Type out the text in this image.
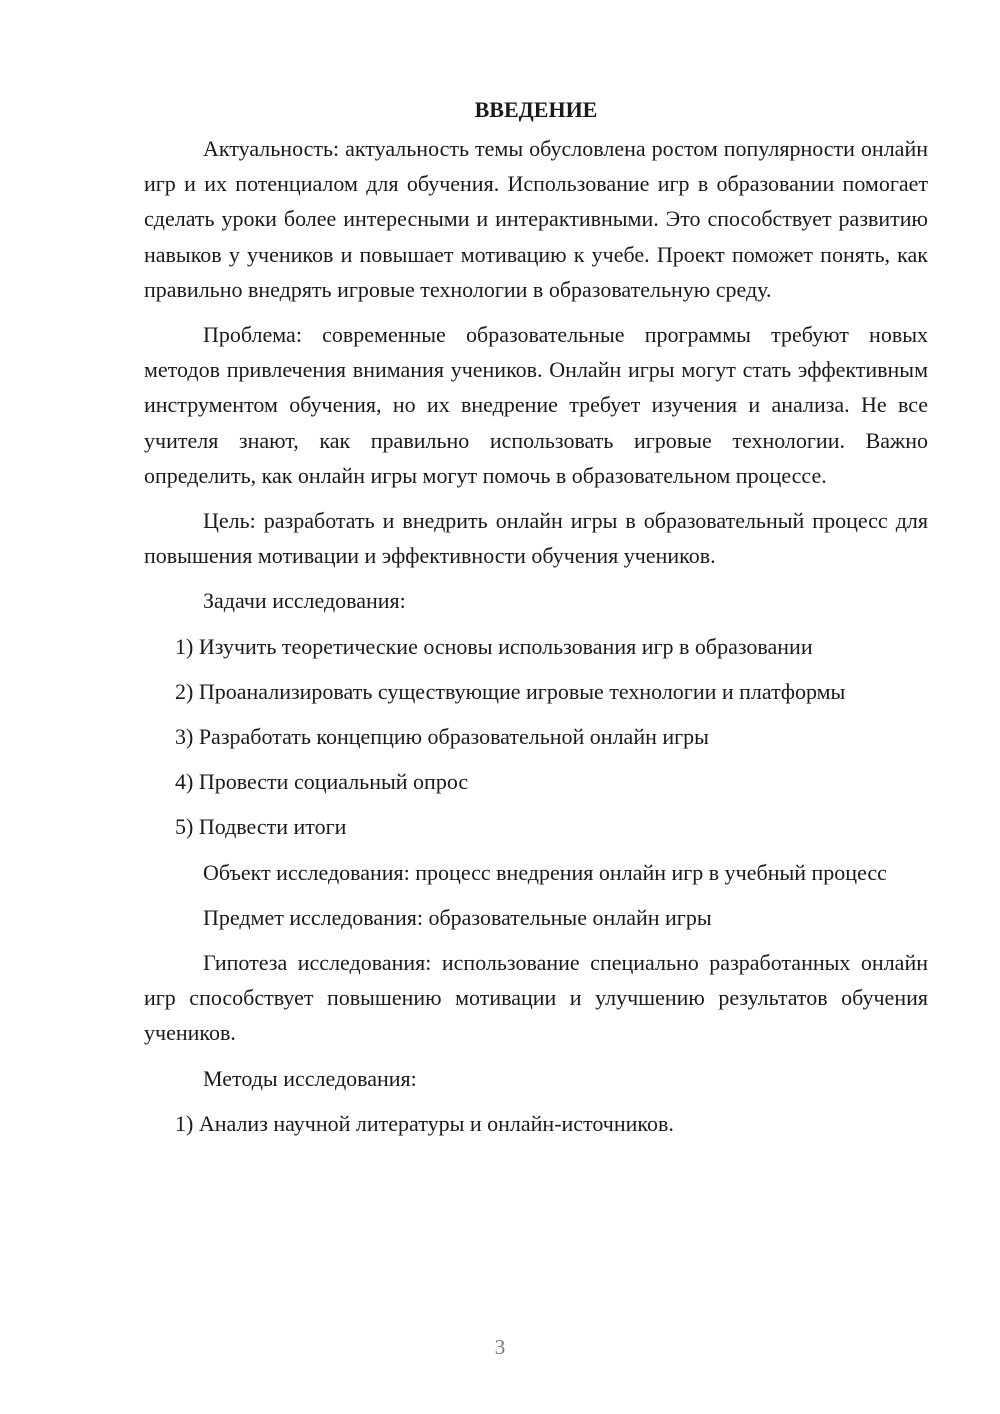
ВВЕДЕНИЕ

Актуальность: актуальность темы обусловлена ростом популярности онлайн игр и их потенциалом для обучения. Использование игр в образовании помогает сделать уроки более интересными и интерактивными. Это способствует развитию навыков у учеников и повышает мотивацию к учебе. Проект поможет понять, как правильно внедрять игровые технологии в образовательную среду.

Проблема: современные образовательные программы требуют новых методов привлечения внимания учеников. Онлайн игры могут стать эффективным инструментом обучения, но их внедрение требует изучения и анализа. Не все учителя знают, как правильно использовать игровые технологии. Важно определить, как онлайн игры могут помочь в образовательном процессе.

Цель: разработать и внедрить онлайн игры в образовательный процесс для повышения мотивации и эффективности обучения учеников.

Задачи исследования:

1) Изучить теоретические основы использования игр в образовании

2) Проанализировать существующие игровые технологии и платформы

3) Разработать концепцию образовательной онлайн игры

4) Провести социальный опрос

5) Подвести итоги

Объект исследования: процесс внедрения онлайн игр в учебный процесс

Предмет исследования: образовательные онлайн игры

Гипотеза исследования: использование специально разработанных онлайн игр способствует повышению мотивации и улучшению результатов обучения учеников.

Методы исследования:

1) Анализ научной литературы и онлайн-источников.

3
